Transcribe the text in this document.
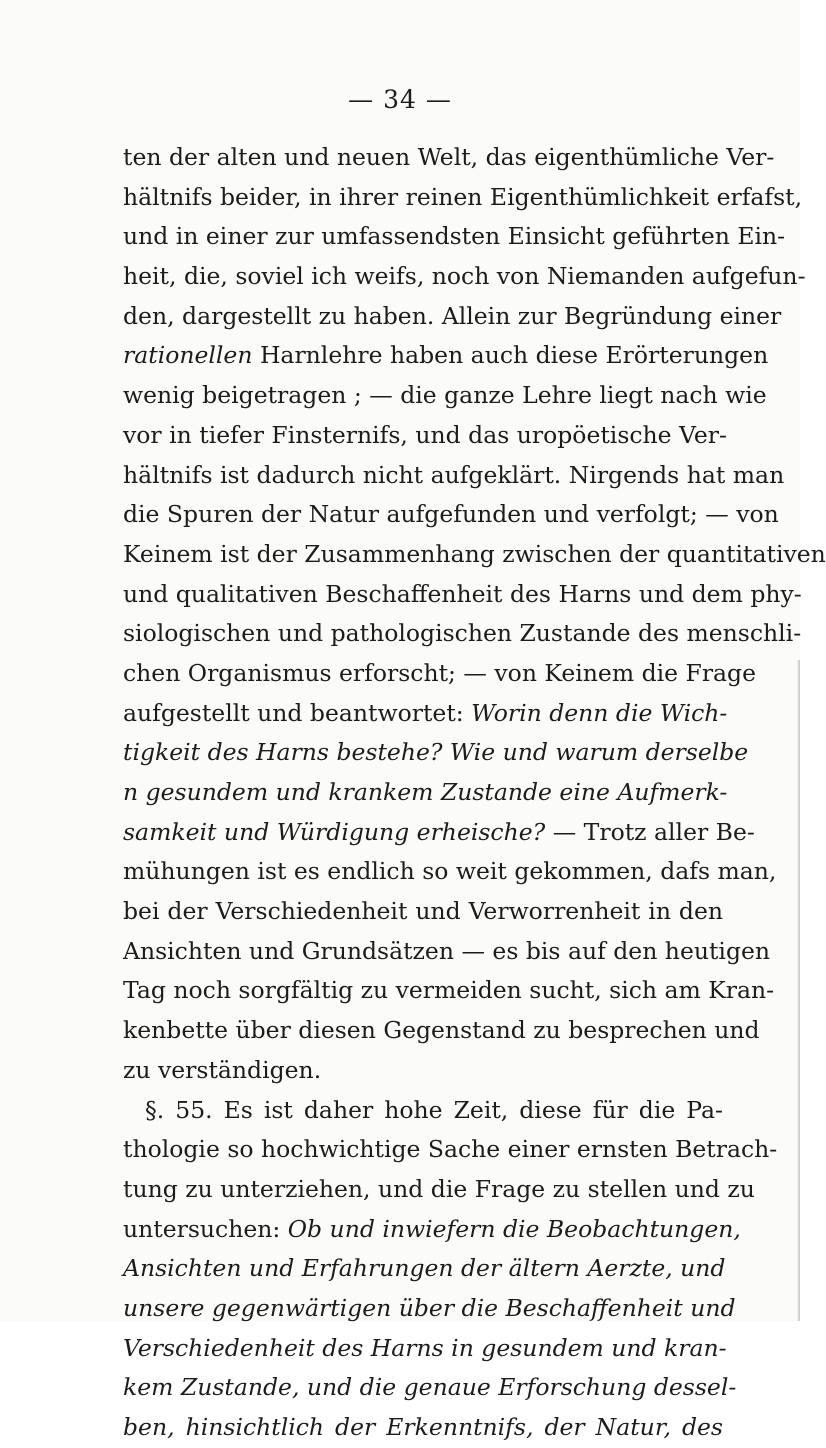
— 34 —
ten der alten und neuen Welt, das eigenthümliche Ver-
hältnifs beider, in ihrer reinen Eigenthümlichkeit erfafst,
und in einer zur umfassendsten Einsicht geführten Ein-
heit, die, soviel ich weifs, noch von Niemanden aufgefun-
den, dargestellt zu haben. Allein zur Begründung einer
rationellen Harnlehre haben auch diese Erörterungen
wenig beigetragen ; — die ganze Lehre liegt nach wie
vor in tiefer Finsternifs, und das uropöetische Ver-
hältnifs ist dadurch nicht aufgeklärt. Nirgends hat man
die Spuren der Natur aufgefunden und verfolgt; — von
Keinem ist der Zusammenhang zwischen der quantitativen
und qualitativen Beschaffenheit des Harns und dem phy-
siologischen und pathologischen Zustande des menschli-
chen Organismus erforscht; — von Keinem die Frage
aufgestellt und beantwortet: Worin denn die Wich-
tigkeit des Harns bestehe? Wie und warum derselbe
n gesundem und krankem Zustande eine Aufmerk-
samkeit und Würdigung erheische? — Trotz aller Be-
mühungen ist es endlich so weit gekommen, dafs man,
bei der Verschiedenheit und Verworrenheit in den
Ansichten und Grundsätzen — es bis auf den heutigen
Tag noch sorgfältig zu vermeiden sucht, sich am Kran-
kenbette über diesen Gegenstand zu besprechen und
zu verständigen.
§. 55. Es ist daher hohe Zeit, diese für die Pa-
thologie so hochwichtige Sache einer ernsten Betrach-
tung zu unterziehen, und die Frage zu stellen und zu
untersuchen: Ob und inwiefern die Beobachtungen,
Ansichten und Erfahrungen der ältern Aerzte, und
unsere gegenwärtigen über die Beschaffenheit und
Verschiedenheit des Harns in gesundem und kran-
kem Zustande, und die genaue Erforschung dessel-
ben, hinsichtlich der Erkenntnifs, der Natur, des
